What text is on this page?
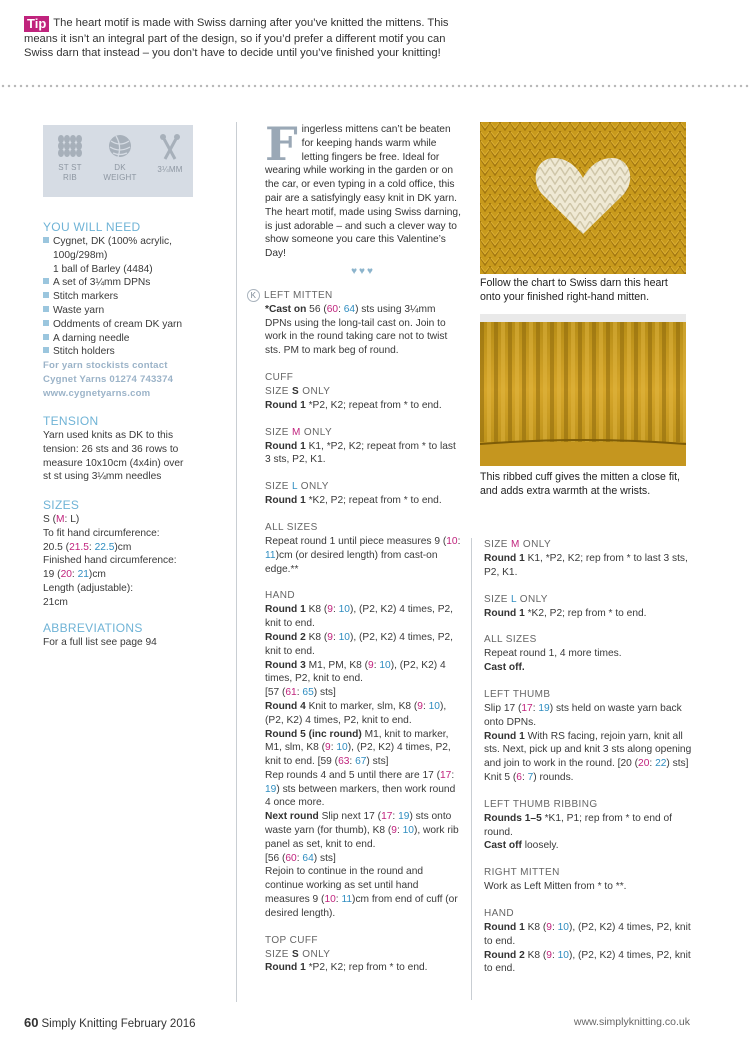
Tip The heart motif is made with Swiss darning after you’ve knitted the mittens. This means it isn’t an integral part of the design, so if you’d prefer a different motif you can Swiss darn that instead – you don’t have to decide until you’ve finished your knitting!
ST ST
RIB
DK
WEIGHT
3¼MM
YOU WILL NEED
Cygnet, DK (100% acrylic,
100g/298m)
1 ball of Barley (4484)
A set of 3¼mm DPNs
Stitch markers
Waste yarn
Oddments of cream DK yarn
A darning needle
Stitch holders
For yarn stockists contact
Cygnet Yarns 01274 743374
www.cygnetyarns.com
TENSION
Yarn used knits as DK to this
tension: 26 sts and 36 rows to
measure 10x10cm (4x4in) over
st st using 3¼mm needles
SIZES
S (M: L)
To fit hand circumference:
20.5 (21.5: 22.5)cm
Finished hand circumference:
19 (20: 21)cm
Length (adjustable):
21cm
ABBREVIATIONS
For a full list see page 94
Fingerless mittens can’t be beaten for keeping hands warm while letting fingers be free. Ideal for wearing while working in the garden or on the car, or even typing in a cold office, this pair are a satisfyingly easy knit in DK yarn. The heart motif, made using Swiss darning, is just adorable – and such a clever way to show someone you care this Valentine’s Day!
♥♥♥
K LEFT MITTEN
*Cast on 56 (60: 64) sts using 3¼mm DPNs using the long-tail cast on. Join to work in the round taking care not to twist sts. PM to mark beg of round.
CUFF
SIZE S ONLY
Round 1 *P2, K2; repeat from * to end.
SIZE M ONLY
Round 1 K1, *P2, K2; repeat from * to last 3 sts, P2, K1.
SIZE L ONLY
Round 1 *K2, P2; repeat from * to end.
ALL SIZES
Repeat round 1 until piece measures 9 (10: 11)cm (or desired length) from cast-on edge.**
HAND
Round 1 K8 (9: 10), (P2, K2) 4 times, P2, knit to end.
Round 2 K8 (9: 10), (P2, K2) 4 times, P2, knit to end.
Round 3 M1, PM, K8 (9: 10), (P2, K2) 4 times, P2, knit to end.
[57 (61: 65) sts]
Round 4 Knit to marker, slm, K8 (9: 10), (P2, K2) 4 times, P2, knit to end.
Round 5 (inc round) M1, knit to marker, M1, slm, K8 (9: 10), (P2, K2) 4 times, P2, knit to end. [59 (63: 67) sts]
Rep rounds 4 and 5 until there are 17 (17: 19) sts between markers, then work round 4 once more.
Next round Slip next 17 (17: 19) sts onto waste yarn (for thumb), K8 (9: 10), work rib panel as set, knit to end.
[56 (60: 64) sts]
Rejoin to continue in the round and continue working as set until hand measures 9 (10: 11)cm from end of cuff (or desired length).
TOP CUFF
SIZE S ONLY
Round 1 *P2, K2; rep from * to end.
Follow the chart to Swiss darn this heart onto your finished right-hand mitten.
This ribbed cuff gives the mitten a close fit, and adds extra warmth at the wrists.
SIZE M ONLY
Round 1 K1, *P2, K2; rep from * to last 3 sts, P2, K1.
SIZE L ONLY
Round 1 *K2, P2; rep from * to end.
ALL SIZES
Repeat round 1, 4 more times.
Cast off.
LEFT THUMB
Slip 17 (17: 19) sts held on waste yarn back onto DPNs.
Round 1 With RS facing, rejoin yarn, knit all sts. Next, pick up and knit 3 sts along opening and join to work in the round. [20 (20: 22) sts]
Knit 5 (6: 7) rounds.
LEFT THUMB RIBBING
Rounds 1–5 *K1, P1; rep from * to end of round.
Cast off loosely.
RIGHT MITTEN
Work as Left Mitten from * to **.
HAND
Round 1 K8 (9: 10), (P2, K2) 4 times, P2, knit to end.
Round 2 K8 (9: 10), (P2, K2) 4 times, P2, knit to end.
60 Simply Knitting February 2016	www.simplyknitting.co.uk
